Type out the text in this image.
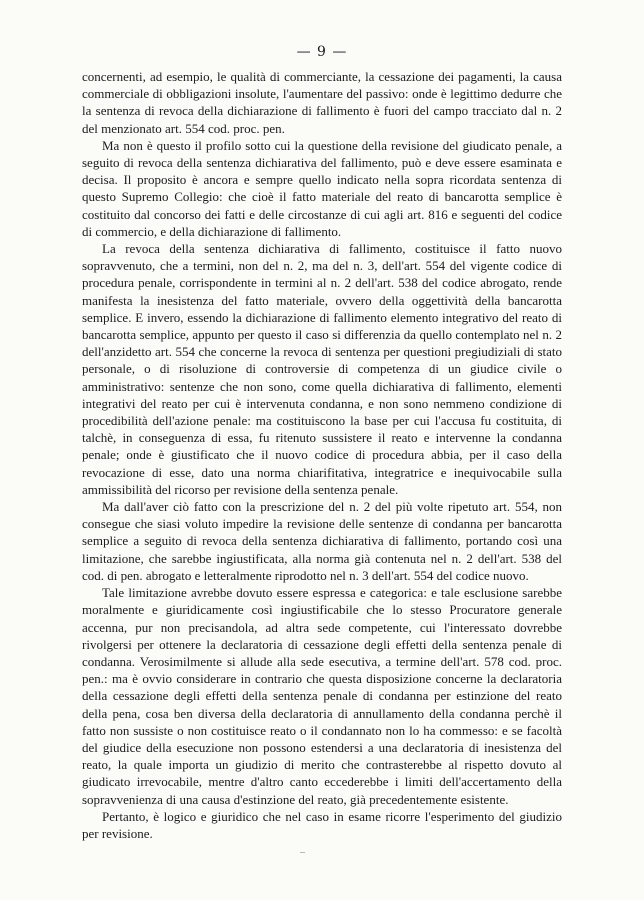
— 9 —

concernenti, ad esempio, le qualità di commerciante, la cessazione dei pagamenti, la causa commerciale di obbligazioni insolute, l'aumentare del passivo: onde è legittimo dedurre che la sentenza di revoca della dichiarazione di fallimento è fuori del campo tracciato dal n. 2 del menzionato art. 554 cod. proc. pen.

Ma non è questo il profilo sotto cui la questione della revisione del giudicato penale, a seguito di revoca della sentenza dichiarativa del fallimento, può e deve essere esaminata e decisa. Il proposito è ancora e sempre quello indicato nella sopra ricordata sentenza di questo Supremo Collegio: che cioè il fatto materiale del reato di bancarotta semplice è costituito dal concorso dei fatti e delle circostanze di cui agli art. 816 e seguenti del codice di commercio, e della dichiarazione di fallimento.

La revoca della sentenza dichiarativa di fallimento, costituisce il fatto nuovo sopravvenuto, che a termini, non del n. 2, ma del n. 3, dell'art. 554 del vigente codice di procedura penale, corrispondente in termini al n. 2 dell'art. 538 del codice abrogato, rende manifesta la inesistenza del fatto materiale, ovvero della oggettività della bancarotta semplice. E invero, essendo la dichiarazione di fallimento elemento integrativo del reato di bancarotta semplice, appunto per questo il caso si differenzia da quello contemplato nel n. 2 dell'anzidetto art. 554 che concerne la revoca di sentenza per questioni pregiudiziali di stato personale, o di risoluzione di controversie di competenza di un giudice civile o amministrativo: sentenze che non sono, come quella dichiarativa di fallimento, elementi integrativi del reato per cui è intervenuta condanna, e non sono nemmeno condizione di procedibilità dell'azione penale: ma costituiscono la base per cui l'accusa fu costituita, di talchè, in conseguenza di essa, fu ritenuto sussistere il reato e intervenne la condanna penale; onde è giustificato che il nuovo codice di procedura abbia, per il caso della revocazione di esse, dato una norma chiarifitativa, integratrice e inequivocabile sulla ammissibilità del ricorso per revisione della sentenza penale.

Ma dall'aver ciò fatto con la prescrizione del n. 2 del più volte ripetuto art. 554, non consegue che siasi voluto impedire la revisione delle sentenze di condanna per bancarotta semplice a seguito di revoca della sentenza dichiarativa di fallimento, portando così una limitazione, che sarebbe ingiustificata, alla norma già contenuta nel n. 2 dell'art. 538 del cod. di pen. abrogato e letteralmente riprodotto nel n. 3 dell'art. 554 del codice nuovo.

Tale limitazione avrebbe dovuto essere espressa e categorica: e tale esclusione sarebbe moralmente e giuridicamente così ingiustificabile che lo stesso Procuratore generale accenna, pur non precisandola, ad altra sede competente, cui l'interessato dovrebbe rivolgersi per ottenere la declaratoria di cessazione degli effetti della sentenza penale di condanna. Verosimilmente si allude alla sede esecutiva, a termine dell'art. 578 cod. proc. pen.: ma è ovvio considerare in contrario che questa disposizione concerne la declaratoria della cessazione degli effetti della sentenza penale di condanna per estinzione del reato della pena, cosa ben diversa della declaratoria di annullamento della condanna perchè il fatto non sussiste o non costituisce reato o il condannato non lo ha commesso: e se facoltà del giudice della esecuzione non possono estendersi a una declaratoria di inesistenza del reato, la quale importa un giudizio di merito che contrasterebbe al rispetto dovuto al giudicato irrevocabile, mentre d'altro canto eccederebbe i limiti dell'accertamento della sopravvenienza di una causa d'estinzione del reato, già precedentemente esistente.

Pertanto, è logico e giuridico che nel caso in esame ricorre l'esperimento del giudizio per revisione.
